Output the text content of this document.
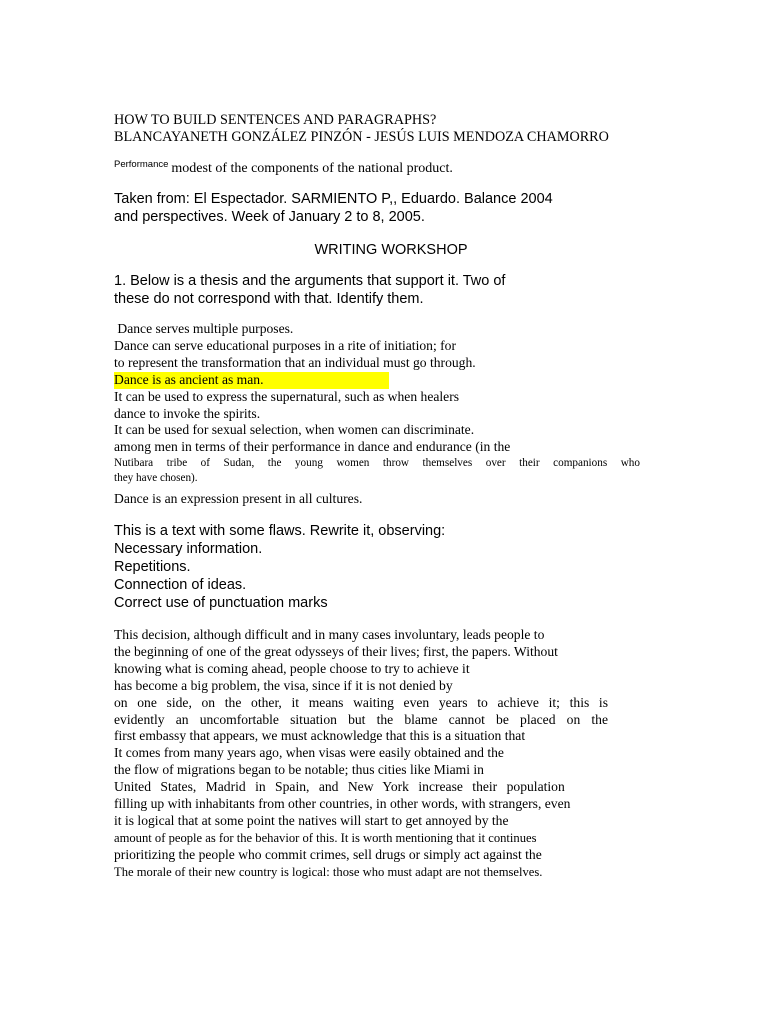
HOW TO BUILD SENTENCES AND PARAGRAPHS?
BLANCAYANETH GONZÁLEZ PINZÓN - JESÚS LUIS MENDOZA CHAMORRO
$^{Performance}$ modest of the components of the national product.
Taken from: El Espectador. SARMIENTO P,, Eduardo. Balance 2004
and perspectives. Week of January 2 to 8, 2005.
WRITING WORKSHOP
1. Below is a thesis and the arguments that support it. Two of
these do not correspond with that. Identify them.
Dance serves multiple purposes.
Dance can serve educational purposes in a rite of initiation; for
to represent the transformation that an individual must go through.
Dance is as ancient as man.
It can be used to express the supernatural, such as when healers
dance to invoke the spirits.
It can be used for sexual selection, when women can discriminate.
among men in terms of their performance in dance and endurance (in the
Nutibara tribe of Sudan, the young women throw themselves over their companions who
they have chosen).
Dance is an expression present in all cultures.
This is a text with some flaws. Rewrite it, observing:
Necessary information.
Repetitions.
Connection of ideas.
Correct use of punctuation marks
This decision, although difficult and in many cases involuntary, leads people to
the beginning of one of the great odysseys of their lives; first, the papers. Without
knowing what is coming ahead, people choose to try to achieve it
has become a big problem, the visa, since if it is not denied by
on one side, on the other, it means waiting even years to achieve it; this is
evidently an uncomfortable situation but the blame cannot be placed on the
first embassy that appears, we must acknowledge that this is a situation that
It comes from many years ago, when visas were easily obtained and the
the flow of migrations began to be notable; thus cities like Miami in
United States, Madrid in Spain, and New York increase their population
filling up with inhabitants from other countries, in other words, with strangers, even
it is logical that at some point the natives will start to get annoyed by the
amount of people as for the behavior of this. It is worth mentioning that it continues
prioritizing the people who commit crimes, sell drugs or simply act against the
The morale of their new country is logical: those who must adapt are not themselves.
